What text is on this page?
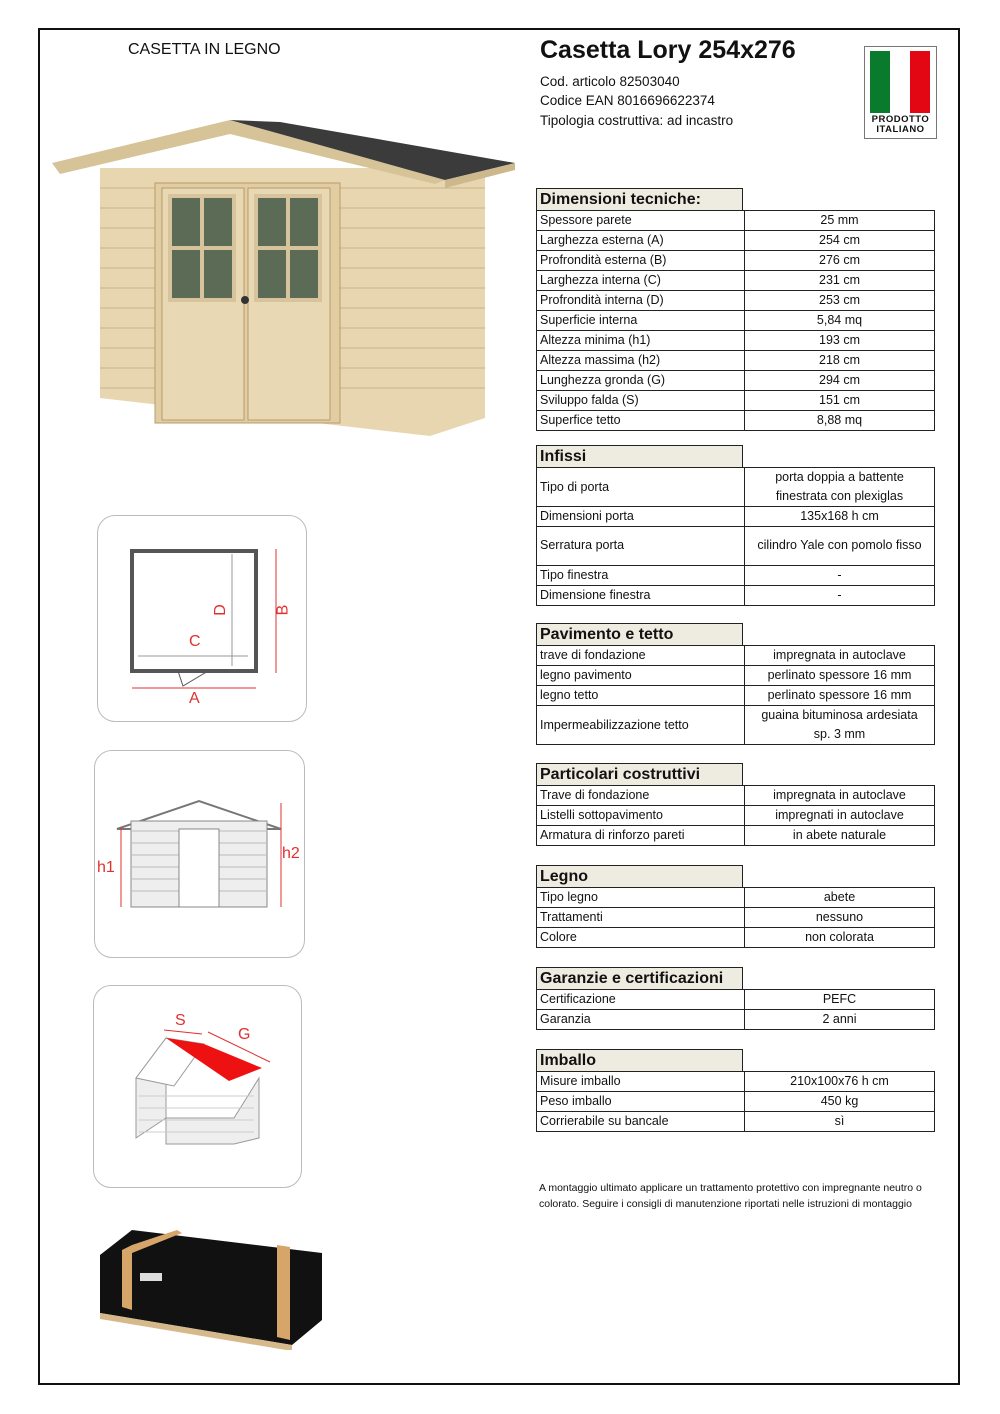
CASETTA IN LEGNO	Casetta Lory 254x276
Cod. articolo 82503040
Codice EAN 8016696622374
Tipologia costruttiva: ad incastro	PRODOTTO
ITALIANO
C
D	B
A
h1
h2
S
G
Dimensioni tecniche:
Spessore parete	25 mm
Larghezza esterna (A)	254 cm
Profrondità esterna (B)	276 cm
Larghezza interna (C)	231 cm
Profrondità interna (D)	253 cm
Superficie interna	5,84 mq
Altezza minima (h1)	193 cm
Altezza massima (h2)	218 cm
Lunghezza gronda (G)	294 cm
Sviluppo falda (S)	151 cm
Superfice tetto	8,88 mq
Infissi
Tipo di porta	porta doppia a battente
finestrata con plexiglas
Dimensioni porta	135x168 h cm
Serratura porta	cilindro Yale con pomolo fisso
Tipo finestra	-
Dimensione finestra	-
Pavimento e tetto
trave di fondazione	impregnata in autoclave
legno pavimento	perlinato spessore 16 mm
legno tetto	perlinato spessore 16 mm
Impermeabilizzazione tetto	guaina bituminosa ardesiata
sp. 3 mm
Particolari costruttivi
Trave di fondazione	impregnata in autoclave
Listelli sottopavimento	impregnati in autoclave
Armatura di rinforzo pareti	in abete naturale
Legno
Tipo legno	abete
Trattamenti	nessuno
Colore	non colorata
Garanzie e certificazioni
Certificazione	PEFC
Garanzia	2 anni
Imballo
Misure imballo	210x100x76 h cm
Peso imballo	450 kg
Corrierabile su bancale	sì
A montaggio ultimato applicare un trattamento protettivo con impregnante neutro o colorato. Seguire i consigli di manutenzione riportati nelle istruzioni di montaggio
